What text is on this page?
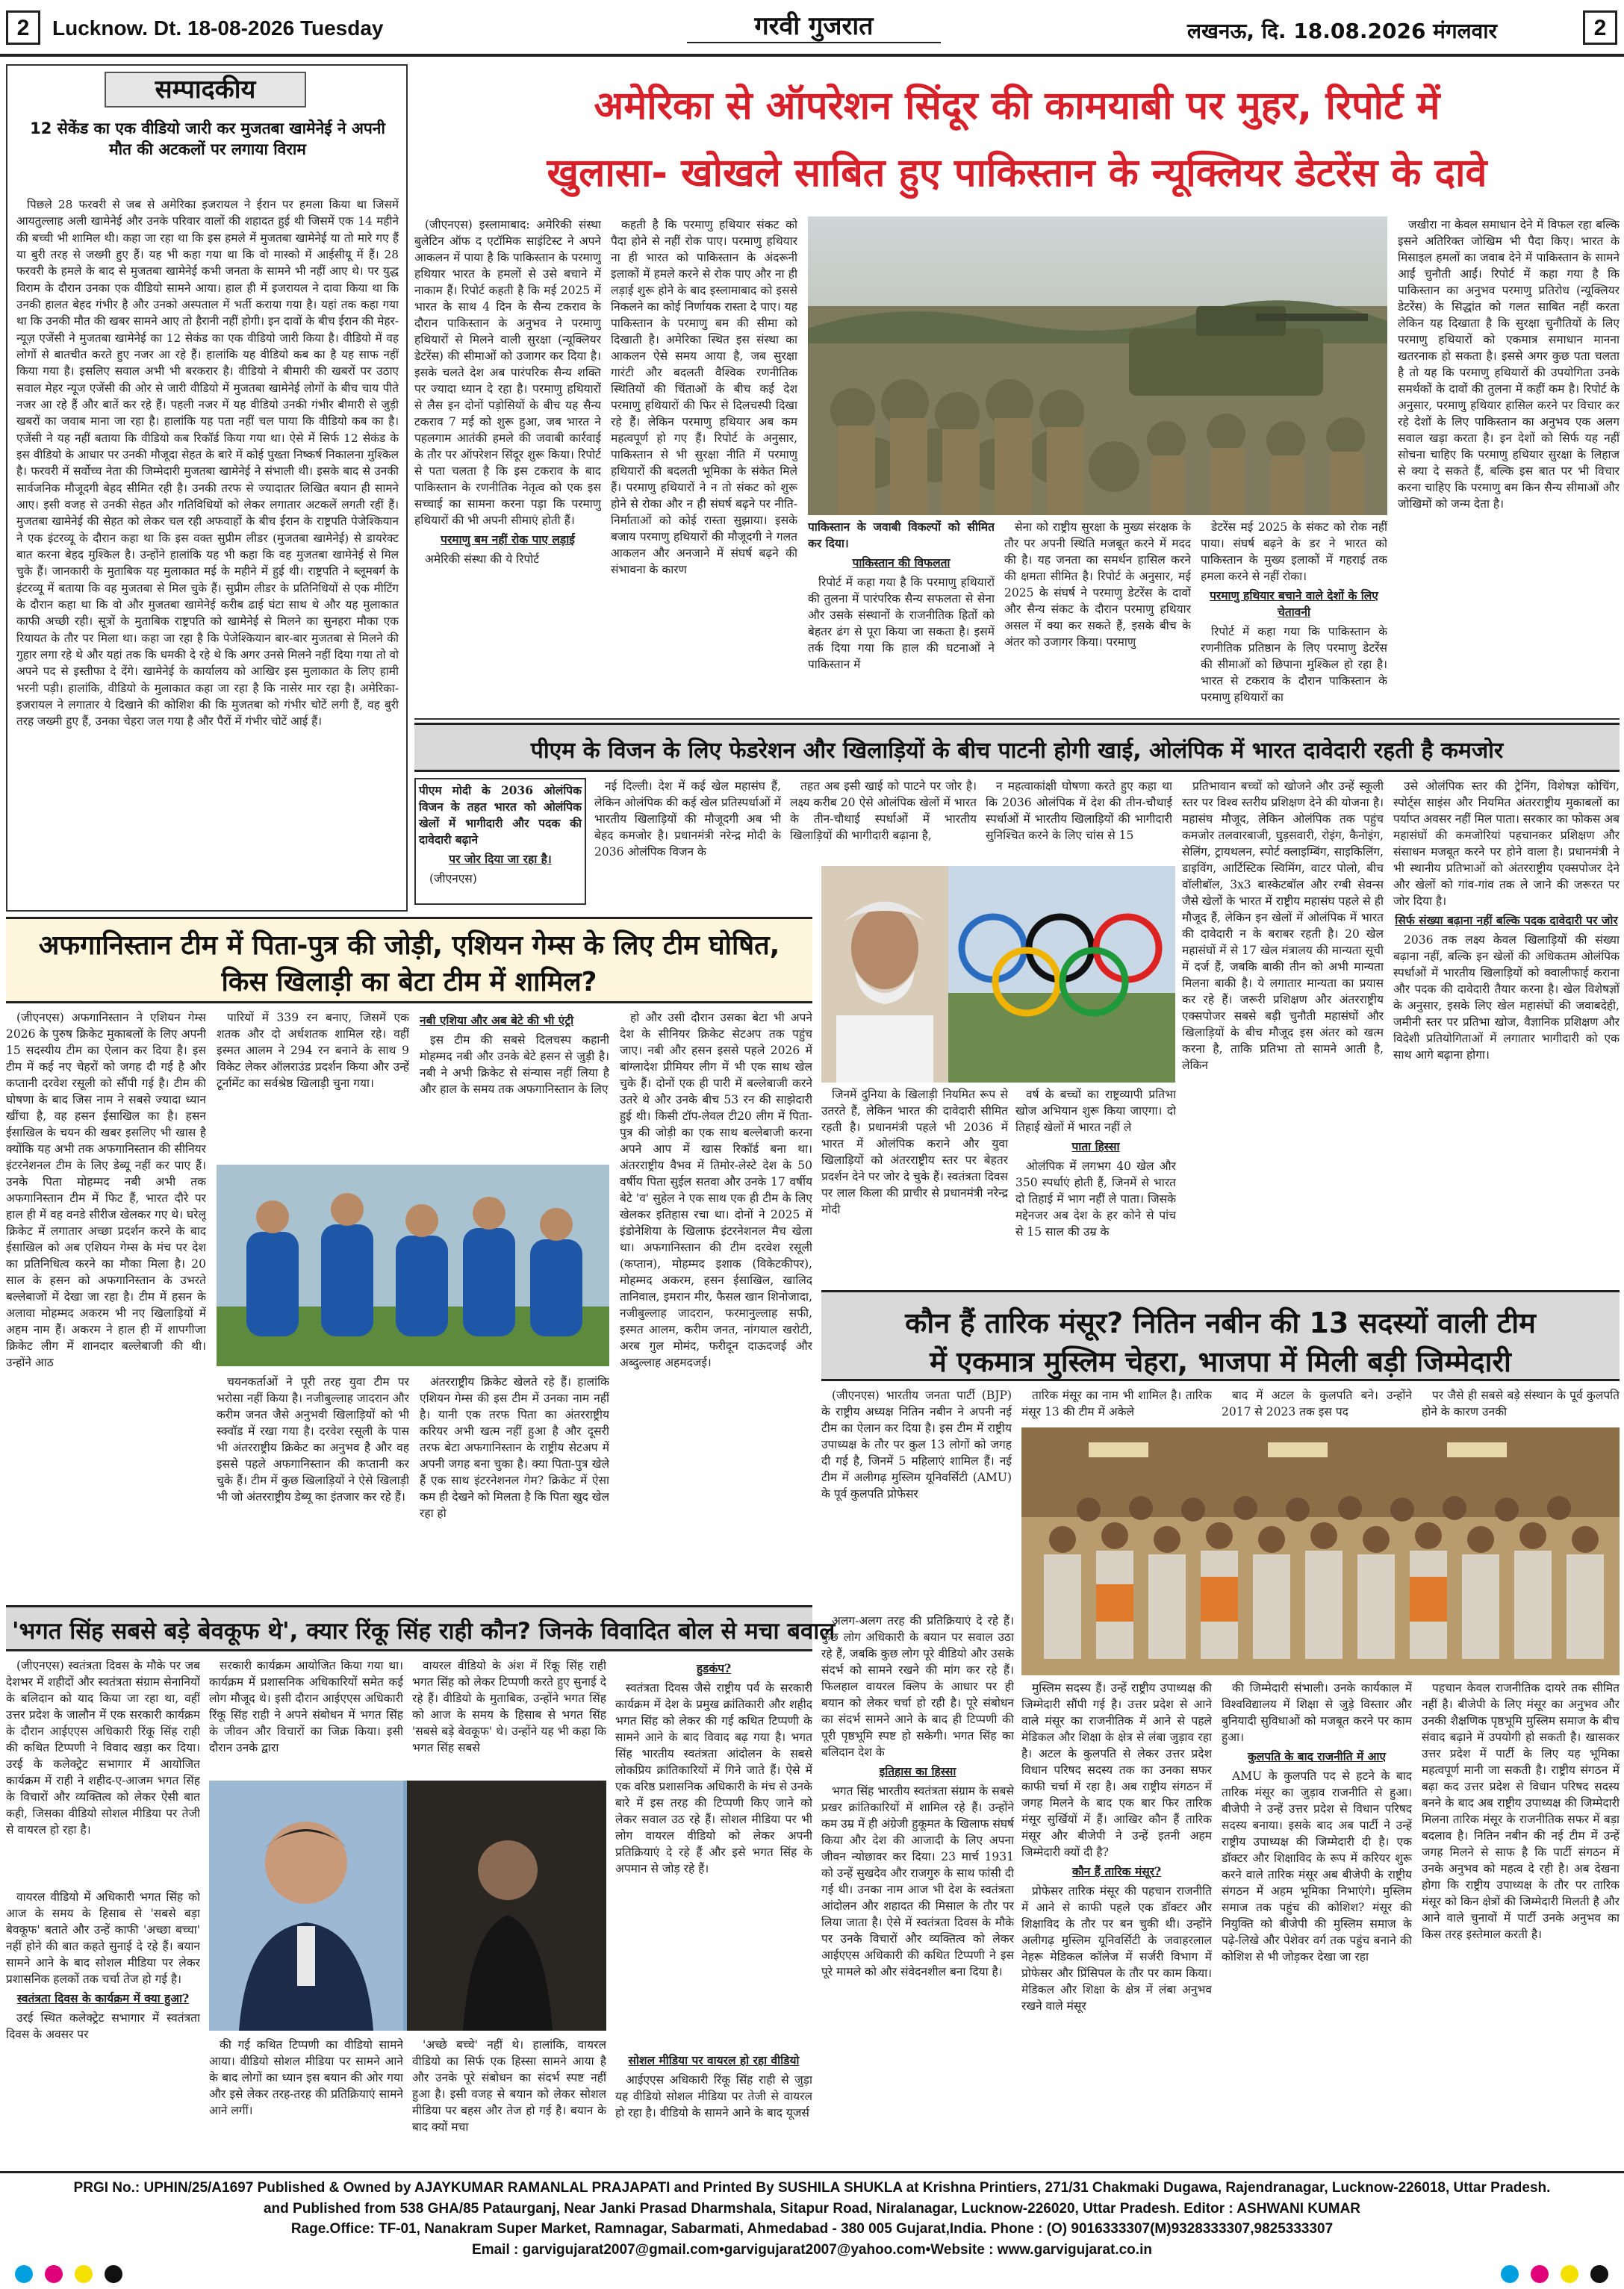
2	Lucknow. Dt. 18-08-2026 Tuesday	गरवी गुजरात	लखनऊ, दि. 18.08.2026 मंगलवार	2
सम्पादकीय
12 सेकेंड का एक वीडियो जारी कर मुजतबा खामेनेई ने अपनी मौत की अटकलों पर लगाया विराम

पिछले 28 फरवरी से जब से अमेरिका इजरायल ने ईरान पर हमला किया था जिसमें आयतुल्लाह अली खामेनेई और उनके परिवार वालों की शहादत हुई थी जिसमें एक 14 महीने की बच्ची भी शामिल थी। कहा जा रहा था कि इस हमले में मुजतबा खामेनेई या तो मारे गए हैं या बुरी तरह से जख्मी हुए हैं। यह भी कहा गया था कि वो मास्को में आईसीयू में हैं। 28 फरवरी के हमले के बाद से मुजतबा खामेनेई कभी जनता के सामने भी नहीं आए थे। पर युद्ध विराम के दौरान उनका एक वीडियो सामने आया। हाल ही में इजरायल ने दावा किया था कि उनकी हालत बेहद गंभीर है और उनको अस्पताल में भर्ती कराया गया है। यहां तक कहा गया था कि उनकी मौत की खबर सामने आए तो हैरानी नहीं होगी। इन दावों के बीच ईरान की मेहर-न्यूज़ एजेंसी ने मुजतबा खामेनेई का 12 सेकंड का एक वीडियो जारी किया है। वीडियो में वह लोगों से बातचीत करते हुए नजर आ रहे हैं। हालांकि यह वीडियो कब का है यह साफ नहीं किया गया है। इसलिए सवाल अभी भी बरकरार है। वीडियो ने बीमारी की खबरों पर उठाए सवाल मेहर न्यूज एजेंसी की ओर से जारी वीडियो में मुजतबा खामेनेई लोगों के बीच चाय पीते नजर आ रहे हैं और बातें कर रहे हैं। पहली नजर में यह वीडियो उनकी गंभीर बीमारी से जुड़ी खबरों का जवाब माना जा रहा है। हालांकि यह पता नहीं चल पाया कि वीडियो कब का है। एजेंसी ने यह नहीं बताया कि वीडियो कब रिकॉर्ड किया गया था। ऐसे में सिर्फ 12 सेकंड के इस वीडियो के आधार पर उनकी मौजूदा सेहत के बारे में कोई पुख्ता निष्कर्ष निकालना मुश्किल है। फरवरी में सर्वोच्च नेता की जिम्मेदारी मुजतबा खामेनेई ने संभाली थी। इसके बाद से उनकी सार्वजनिक मौजूदगी बेहद सीमित रही है। उनकी तरफ से ज्यादातर लिखित बयान ही सामने आए। इसी वजह से उनकी सेहत और गतिविधियों को लेकर लगातार अटकलें लगती रहीं हैं। मुजतबा खामेनेई की सेहत को लेकर चल रही अफवाहों के बीच ईरान के राष्ट्रपति पेजेश्कियान ने एक इंटरव्यू के दौरान कहा था कि इस वक्त सुप्रीम लीडर (मुजतबा खामेनेई) से डायरेक्ट बात करना बेहद मुश्किल है। उन्होंने हालांकि यह भी कहा कि वह मुजतबा खामेनेई से मिल चुके हैं। जानकारी के मुताबिक यह मुलाकात मई के महीने में हुई थी। राष्ट्रपति ने ब्लूमबर्ग के इंटरव्यू में बताया कि वह मुजतबा से मिल चुके हैं। सुप्रीम लीडर के प्रतिनिधियों से एक मीटिंग के दौरान कहा था कि वो और मुजतबा खामेनेई करीब ढाई घंटा साथ थे और यह मुलाकात काफी अच्छी रही। सूत्रों के मुताबिक राष्ट्रपति को खामेनेई से मिलने का सुनहरा मौका एक रियायत के तौर पर मिला था। कहा जा रहा है कि पेजेश्कियान बार-बार मुजतबा से मिलने की गुहार लगा रहे थे और यहां तक कि धमकी दे रहे थे कि अगर उनसे मिलने नहीं दिया गया तो वो अपने पद से इस्तीफा दे देंगे। खामेनेई के कार्यालय को आखिर इस मुलाकात के लिए हामी भरनी पड़ी। हालांकि, वीडियो के मुलाकात कहा जा रहा है कि नासेर मार रहा है। अमेरिका-इजरायल ने लगातार ये दिखाने की कोशिश की कि मुजतबा को गंभीर चोटें लगी हैं, वह बुरी तरह जख्मी हुए हैं, उनका चेहरा जल गया है और पैरों में गंभीर चोटें आई हैं।

अमेरिका से ऑपरेशन सिंदूर की कामयाबी पर मुहर, रिपोर्ट में
खुलासा- खोखले साबित हुए पाकिस्तान के न्यूक्लियर डेटरेंस के दावे

(जीएनएस) इस्लामाबाद: अमेरिकी संस्था बुलेटिन ऑफ द एटॉमिक साइंटिस्ट ने अपने आकलन में पाया है कि पाकिस्तान के परमाणु हथियार भारत के हमलों से उसे बचाने में नाकाम हैं। रिपोर्ट कहती है कि मई 2025 में भारत के साथ 4 दिन के सैन्य टकराव के दौरान पाकिस्तान के अनुभव ने परमाणु हथियारों से मिलने वाली सुरक्षा (न्यूक्लियर डेटरेंस) की सीमाओं को उजागर कर दिया है। इसके चलते देश अब पारंपरिक सैन्य शक्ति पर ज्यादा ध्यान दे रहा है। परमाणु हथियारों से लैस इन दोनों पड़ोसियों के बीच यह सैन्य टकराव 7 मई को शुरू हुआ, जब भारत ने पहलगाम आतंकी हमले की जवाबी कार्रवाई के तौर पर ऑपरेशन सिंदूर शुरू किया। रिपोर्ट से पता चलता है कि इस टकराव के बाद पाकिस्तान के रणनीतिक नेतृत्व को एक इस सच्चाई का सामना करना पड़ा कि परमाणु हथियारों की भी अपनी सीमाएं होती हैं।

परमाणु बम नहीं रोक पाए लड़ाई

अमेरिकी संस्था की ये रिपोर्ट

कहती है कि परमाणु हथियार संकट को पैदा होने से नहीं रोक पाए। परमाणु हथियार ना ही भारत को पाकिस्तान के अंदरूनी इलाकों में हमले करने से रोक पाए और ना ही लड़ाई शुरू होने के बाद इस्लामाबाद को इससे निकलने का कोई निर्णायक रास्ता दे पाए। यह पाकिस्तान के परमाणु बम की सीमा को दिखाती है। अमेरिका स्थित इस संस्था का आकलन ऐसे समय आया है, जब सुरक्षा गारंटी और बदलती वैश्विक रणनीतिक स्थितियों की चिंताओं के बीच कई देश परमाणु हथियारों की फिर से दिलचस्पी दिखा रहे हैं। लेकिन परमाणु हथियार अब कम महत्वपूर्ण हो गए हैं। रिपोर्ट के अनुसार, पाकिस्तान से भी सुरक्षा नीति में परमाणु हथियारों की बदलती भूमिका के संकेत मिले हैं। परमाणु हथियारों ने न तो संकट को शुरू होने से रोका और न ही संघर्ष बढ़ने पर नीति-निर्माताओं को कोई रास्ता सुझाया। इसके बजाय परमाणु हथियारों की मौजूदगी ने गलत आकलन और अनजाने में संघर्ष बढ़ने की संभावना के कारण

पाकिस्तान के जवाबी विकल्पों को सीमित कर दिया।

पाकिस्तान की विफलता

रिपोर्ट में कहा गया है कि परमाणु हथियारों की तुलना में पारंपरिक सैन्य सफलता से सेना और उसके संस्थानों के राजनीतिक हितों को बेहतर ढंग से पूरा किया जा सकता है। इसमें तर्क दिया गया कि हाल की घटनाओं ने पाकिस्तान में

सेना को राष्ट्रीय सुरक्षा के मुख्य संरक्षक के तौर पर अपनी स्थिति मजबूत करने में मदद की है। यह जनता का समर्थन हासिल करने की क्षमता सीमित है। रिपोर्ट के अनुसार, मई 2025 के संघर्ष ने परमाणु डेटरेंस के दावों और सैन्य संकट के दौरान परमाणु हथियार असल में क्या कर सकते हैं, इसके बीच के अंतर को उजागर किया। परमाणु

डेटरेंस मई 2025 के संकट को रोक नहीं पाया। संघर्ष बढ़ने के डर ने भारत को पाकिस्तान के मुख्य इलाकों में गहराई तक हमला करने से नहीं रोका।

परमाणु हथियार बचाने वाले देशों के लिए चेतावनी

रिपोर्ट में कहा गया कि पाकिस्तान के रणनीतिक प्रतिष्ठान के लिए परमाणु डेटरेंस की सीमाओं को छिपाना मुश्किल हो रहा है। भारत से टकराव के दौरान पाकिस्तान के परमाणु हथियारों का

जखीरा ना केवल समाधान देने में विफल रहा बल्कि इसने अतिरिक्त जोखिम भी पैदा किए। भारत के मिसाइल हमलों का जवाब देने में पाकिस्तान के सामने आईं चुनौती आईं। रिपोर्ट में कहा गया है कि पाकिस्तान का अनुभव परमाणु प्रतिरोध (न्यूक्लियर डेटरेंस) के सिद्धांत को गलत साबित नहीं करता लेकिन यह दिखाता है कि सुरक्षा चुनौतियों के लिए परमाणु हथियारों को एकमात्र समाधान मानना खतरनाक हो सकता है। इससे अगर कुछ पता चलता है तो यह कि परमाणु हथियारों की उपयोगिता उनके समर्थकों के दावों की तुलना में कहीं कम है। रिपोर्ट के अनुसार, परमाणु हथियार हासिल करने पर विचार कर रहे देशों के लिए पाकिस्तान का अनुभव एक अलग सवाल खड़ा करता है। इन देशों को सिर्फ यह नहीं सोचना चाहिए कि परमाणु हथियार सुरक्षा के लिहाज से क्या दे सकते हैं, बल्कि इस बात पर भी विचार करना चाहिए कि परमाणु बम किन सैन्य सीमाओं और जोखिमों को जन्म देता है।

पीएम के विजन के लिए फेडरेशन और खिलाड़ियों के बीच पाटनी होगी खाई, ओलंपिक में भारत दावेदारी रहती है कमजोर

पीएम मोदी के 2036 ओलंपिक विजन के तहत भारत को ओलंपिक खेलों में भागीदारी और पदक की दावेदारी बढ़ाने

पर जोर दिया जा रहा है।

(जीएनएस)

नई दिल्ली। देश में कई खेल महासंघ हैं, लेकिन ओलंपिक की कई खेल प्रतिस्पर्धाओं में भारतीय खिलाड़ियों की मौजूदगी अब भी बेहद कमजोर है। प्रधानमंत्री नरेन्द्र मोदी के 2036 ओलंपिक विजन के

तहत अब इसी खाई को पाटने पर जोर है। लक्ष्य करीब 20 ऐसे ओलंपिक खेलों में भारत के तीन-चौथाई स्पर्धाओं में भारतीय खिलाड़ियों की भागीदारी बढ़ाना है,

न महत्वाकांक्षी घोषणा करते हुए कहा था कि 2036 ओलंपिक में देश की तीन-चौथाई स्पर्धाओं में भारतीय खिलाड़ियों की भागीदारी सुनिश्चित करने के लिए चांस से 15

प्रतिभावान बच्चों को खोजने और उन्हें स्कूली स्तर पर विश्व स्तरीय प्रशिक्षण देने की योजना है। महासंघ मौजूद, लेकिन ओलंपिक तक पहुंच कमजोर तलवारबाजी, घुड़सवारी, रोइंग, कैनोइंग, सेलिंग, ट्रायथलन, स्पोर्ट क्लाइम्बिंग, साइकिलिंग, डाइविंग, आर्टिस्टिक स्विमिंग, वाटर पोलो, बीच वॉलीबॉल, 3x3 बास्केटबॉल और रग्बी सेवन्स जैसे खेलों के भारत में राष्ट्रीय महासंघ पहले से ही मौजूद हैं, लेकिन इन खेलों में ओलंपिक में भारत की दावेदारी न के बराबर रहती है। 20 खेल महासंघों में से 17 खेल मंत्रालय की मान्यता सूची में दर्ज हैं, जबकि बाकी तीन को अभी मान्यता मिलना बाकी है। ये लगातार मान्यता का प्रयास कर रहे हैं। जरूरी प्रशिक्षण और अंतरराष्ट्रीय एक्सपोजर सबसे बड़ी चुनौती महासंघों और खिलाड़ियों के बीच मौजूद इस अंतर को खत्म करना है, ताकि प्रतिभा तो सामने आती है, लेकिन

उसे ओलंपिक स्तर की ट्रेनिंग, विशेषज्ञ कोचिंग, स्पोर्ट्स साइंस और नियमित अंतरराष्ट्रीय मुकाबलों का पर्याप्त अवसर नहीं मिल पाता। सरकार का फोकस अब महासंघों की कमजोरियां पहचानकर प्रशिक्षण और संसाधन मजबूत करने पर होने वाला है। प्रधानमंत्री ने भी स्थानीय प्रतिभाओं को अंतरराष्ट्रीय एक्सपोजर देने और खेलों को गांव-गांव तक ले जाने की जरूरत पर जोर दिया है।

सिर्फ संख्या बढ़ाना नहीं बल्कि पदक दावेदारी पर जोर

2036 तक लक्ष्य केवल खिलाड़ियों की संख्या बढ़ाना नहीं, बल्कि इन खेलों की अधिकतम ओलंपिक स्पर्धाओं में भारतीय खिलाड़ियों को क्वालीफाई कराना और पदक की दावेदारी तैयार करना है। खेल विशेषज्ञों के अनुसार, इसके लिए खेल महासंघों की जवाबदेही, जमीनी स्तर पर प्रतिभा खोज, वैज्ञानिक प्रशिक्षण और विदेशी प्रतियोगिताओं में लगातार भागीदारी को एक साथ आगे बढ़ाना होगा।

जिनमें दुनिया के खिलाड़ी नियमित रूप से उतरते हैं, लेकिन भारत की दावेदारी सीमित रहती है। प्रधानमंत्री पहले भी 2036 में भारत में ओलंपिक कराने और युवा खिलाड़ियों को अंतरराष्ट्रीय स्तर पर बेहतर प्रदर्शन देने पर जोर दे चुके हैं। स्वतंत्रता दिवस पर लाल किला की प्राचीर से प्रधानमंत्री नरेन्द्र मोदी

वर्ष के बच्चों का राष्ट्रव्यापी प्रतिभा खोज अभियान शुरू किया जाएगा। दो तिहाई खेलों में भारत नहीं ले

पाता हिस्सा

ओलंपिक में लगभग 40 खेल और 350 स्पर्धाएं होती हैं, जिनमें से भारत दो तिहाई में भाग नहीं ले पाता। जिसके मद्देनजर अब देश के हर कोने से पांच से 15 साल की उम्र के

अफगानिस्तान टीम में पिता-पुत्र की जोड़ी, एशियन गेम्स के लिए टीम घोषित, किस खिलाड़ी का बेटा टीम में शामिल?

(जीएनएस) अफगानिस्तान ने एशियन गेम्स 2026 के पुरुष क्रिकेट मुकाबलों के लिए अपनी 15 सदस्यीय टीम का ऐलान कर दिया है। इस टीम में कई नए चेहरों को जगह दी गई है और कप्तानी दरवेश रसूली को सौंपी गई है। टीम की घोषणा के बाद जिस नाम ने सबसे ज्यादा ध्यान खींचा है, वह हसन ईसाखिल का है। हसन ईसाखिल के चयन की खबर इसलिए भी खास है क्योंकि यह अभी तक अफगानिस्तान की सीनियर इंटरनेशनल टीम के लिए डेब्यू नहीं कर पाए हैं। उनके पिता मोहम्मद नबी अभी तक अफगानिस्तान टीम में फिट हैं, भारत दौरे पर हाल ही में वह वनडे सीरीज खेलकर गए थे। घरेलू क्रिकेट में लगातार अच्छा प्रदर्शन करने के बाद ईसाखिल को अब एशियन गेम्स के मंच पर देश का प्रतिनिधित्व करने का मौका मिला है। 20 साल के हसन को अफगानिस्तान के उभरते बल्लेबाजों में देखा जा रहा है। टीम में हसन के अलावा मोहम्मद अकरम भी नए खिलाड़ियों में अहम नाम हैं। अकरम ने हाल ही में शापगीजा क्रिकेट लीग में शानदार बल्लेबाजी की थी। उन्होंने आठ

पारियों में 339 रन बनाए, जिसमें एक शतक और दो अर्धशतक शामिल रहे। वहीं इस्मत आलम ने 294 रन बनाने के साथ 9 विकेट लेकर ऑलराउंड प्रदर्शन किया और उन्हें टूर्नामेंट का सर्वश्रेष्ठ खिलाड़ी चुना गया।

नबी एशिया और अब बेटे की भी एंट्री

इस टीम की सबसे दिलचस्प कहानी मोहम्मद नबी और उनके बेटे हसन से जुड़ी है। नबी ने अभी क्रिकेट से संन्यास नहीं लिया है और हाल के समय तक अफगानिस्तान के लिए

चयनकर्ताओं ने पूरी तरह युवा टीम पर भरोसा नहीं किया है। नजीबुल्लाह जादरान और करीम जनत जैसे अनुभवी खिलाड़ियों को भी स्क्वॉड में रखा गया है। दरवेश रसूली के पास भी अंतरराष्ट्रीय क्रिकेट का अनुभव है और वह इससे पहले अफगानिस्तान की कप्तानी कर चुके हैं। टीम में कुछ खिलाड़ियों ने ऐसे खिलाड़ी भी जो अंतरराष्ट्रीय डेब्यू का इंतजार कर रहे हैं।

अंतरराष्ट्रीय क्रिकेट खेलते रहे हैं। हालांकि एशियन गेम्स की इस टीम में उनका नाम नहीं है। यानी एक तरफ पिता का अंतरराष्ट्रीय करियर अभी खत्म नहीं हुआ है और दूसरी तरफ बेटा अफगानिस्तान के राष्ट्रीय सेटअप में अपनी जगह बना चुका है। क्या पिता-पुत्र खेले हैं एक साथ इंटरनेशनल गेम? क्रिकेट में ऐसा कम ही देखने को मिलता है कि पिता खुद खेल रहा हो

हो और उसी दौरान उसका बेटा भी अपने देश के सीनियर क्रिकेट सेटअप तक पहुंच जाए। नबी और हसन इससे पहले 2026 में बांग्लादेश प्रीमियर लीग में भी एक साथ खेल चुके हैं। दोनों एक ही पारी में बल्लेबाजी करने उतरे थे और उनके बीच 53 रन की साझेदारी हुई थी। किसी टॉप-लेवल टी20 लीग में पिता-पुत्र की जोड़ी का एक साथ बल्लेबाजी करना अपने आप में खास रिकॉर्ड बना था। अंतरराष्ट्रीय वैभव में तिमोर-लेस्टे देश के 50 वर्षीय पिता सुईल सतवा और उनके 17 वर्षीय बेटे 'व' सुहेल ने एक साथ एक ही टीम के लिए खेलकर इतिहास रचा था। दोनों ने 2025 में इंडोनेशिया के खिलाफ इंटरनेशनल मैच खेला था। अफगानिस्तान की टीम दरवेश रसूली (कप्तान), मोहम्मद इशाक (विकेटकीपर), मोहम्मद अकरम, हसन ईसाखिल, खालिद तानिवाल, इमरान मीर, फैसल खान शिनोजादा, नजीबुल्लाह जादरान, फरमानुल्लाह सफी, इस्मत आलम, करीम जनत, नांगयाल खरोटी, अरब गुल मोमंद, फरीदून दाऊदजई और अब्दुल्लाह अहमदजई।

कौन हैं तारिक मंसूर? नितिन नबीन की 13 सदस्यों वाली टीम
में एकमात्र मुस्लिम चेहरा, भाजपा में मिली बड़ी जिम्मेदारी

(जीएनएस) भारतीय जनता पार्टी (BJP) के राष्ट्रीय अध्यक्ष नितिन नबीन ने अपनी नई टीम का ऐलान कर दिया है। इस टीम में राष्ट्रीय उपाध्यक्ष के तौर पर कुल 13 लोगों को जगह दी गई है, जिनमें 5 महिलाएं शामिल हैं। नई टीम में अलीगढ़ मुस्लिम यूनिवर्सिटी (AMU) के पूर्व कुलपति प्रोफेसर

तारिक मंसूर का नाम भी शामिल है। तारिक मंसूर 13 की टीम में अकेले

बाद में अटल के कुलपति बने। उन्होंने 2017 से 2023 तक इस पद

पर जैसे ही सबसे बड़े संस्थान के पूर्व कुलपति होने के कारण उनकी

मुस्लिम सदस्य हैं। उन्हें राष्ट्रीय उपाध्यक्ष की जिम्मेदारी सौंपी गई है। उत्तर प्रदेश से आने वाले मंसूर का राजनीतिक में आने से पहले मेडिकल और शिक्षा के क्षेत्र से लंबा जुड़ाव रहा है। अटल के कुलपति से लेकर उत्तर प्रदेश विधान परिषद सदस्य तक का उनका सफर काफी चर्चा में रहा है। अब राष्ट्रीय संगठन में जगह मिलने के बाद एक बार फिर तारिक मंसूर सुर्खियों में हैं। आखिर कौन हैं तारिक मंसूर और बीजेपी ने उन्हें इतनी अहम जिम्मेदारी क्यों दी है?

कौन हैं तारिक मंसूर?

प्रोफेसर तारिक मंसूर की पहचान राजनीति में आने से काफी पहले एक डॉक्टर और शिक्षाविद के तौर पर बन चुकी थी। उन्होंने अलीगढ़ मुस्लिम यूनिवर्सिटी के जवाहरलाल नेहरू मेडिकल कॉलेज में सर्जरी विभाग में प्रोफेसर और प्रिंसिपल के तौर पर काम किया। मेडिकल और शिक्षा के क्षेत्र में लंबा अनुभव रखने वाले मंसूर

की जिम्मेदारी संभाली। उनके कार्यकाल में विश्वविद्यालय में शिक्षा से जुड़े विस्तार और बुनियादी सुविधाओं को मजबूत करने पर काम हुआ।

कुलपति के बाद राजनीति में आए

AMU के कुलपति पद से हटने के बाद तारिक मंसूर का जुड़ाव राजनीति से हुआ। बीजेपी ने उन्हें उत्तर प्रदेश से विधान परिषद सदस्य बनाया। इसके बाद अब पार्टी ने उन्हें राष्ट्रीय उपाध्यक्ष की जिम्मेदारी दी है। एक डॉक्टर और शिक्षाविद के रूप में करियर शुरू करने वाले तारिक मंसूर अब बीजेपी के राष्ट्रीय संगठन में अहम भूमिका निभाएंगे। मुस्लिम समाज तक पहुंच की कोशिश? मंसूर की नियुक्ति को बीजेपी की मुस्लिम समाज के पढ़े-लिखे और पेशेवर वर्ग तक पहुंच बनाने की कोशिश से भी जोड़कर देखा जा रहा

पहचान केवल राजनीतिक दायरे तक सीमित नहीं है। बीजेपी के लिए मंसूर का अनुभव और उनकी शैक्षणिक पृष्ठभूमि मुस्लिम समाज के बीच संवाद बढ़ाने में उपयोगी हो सकती है। खासकर उत्तर प्रदेश में पार्टी के लिए यह भूमिका महत्वपूर्ण मानी जा सकती है। राष्ट्रीय संगठन में बढ़ा कद उत्तर प्रदेश से विधान परिषद सदस्य बनने के बाद अब राष्ट्रीय उपाध्यक्ष की जिम्मेदारी मिलना तारिक मंसूर के राजनीतिक सफर में बड़ा बदलाव है। नितिन नबीन की नई टीम में उन्हें जगह मिलने से साफ है कि पार्टी संगठन में उनके अनुभव को महत्व दे रही है। अब देखना होगा कि राष्ट्रीय उपाध्यक्ष के तौर पर तारिक मंसूर को किन क्षेत्रों की जिम्मेदारी मिलती है और आने वाले चुनावों में पार्टी उनके अनुभव का किस तरह इस्तेमाल करती है।

'भगत सिंह सबसे बड़े बेवकूफ थे', क्यार रिंकू सिंह राही कौन? जिनके विवादित बोल से मचा बवाल

(जीएनएस) स्वतंत्रता दिवस के मौके पर जब देशभर में शहीदों और स्वतंत्रता संग्राम सेनानियों के बलिदान को याद किया जा रहा था, वहीं उत्तर प्रदेश के जालौन में एक सरकारी कार्यक्रम के दौरान आईएएस अधिकारी रिंकू सिंह राही की कथित टिप्पणी ने विवाद खड़ा कर दिया। उरई के कलेक्ट्रेट सभागार में आयोजित कार्यक्रम में राही ने शहीद-ए-आजम भगत सिंह के विचारों और व्यक्तित्व को लेकर ऐसी बात कही, जिसका वीडियो सोशल मीडिया पर तेजी से वायरल हो रहा है।

सरकारी कार्यक्रम आयोजित किया गया था। कार्यक्रम में प्रशासनिक अधिकारियों समेत कई लोग मौजूद थे। इसी दौरान आईएएस अधिकारी रिंकू सिंह राही ने अपने संबोधन में भगत सिंह के जीवन और विचारों का जिक्र किया। इसी दौरान उनके द्वारा

वायरल वीडियो के अंश में रिंकू सिंह राही भगत सिंह को लेकर टिप्पणी करते हुए सुनाई दे रहे हैं। वीडियो के मुताबिक, उन्होंने भगत सिंह को आज के समय के हिसाब से भगत सिंह 'सबसे बड़े बेवकूफ' थे। उन्होंने यह भी कहा कि भगत सिंह सबसे

हुडकंप?

स्वतंत्रता दिवस जैसे राष्ट्रीय पर्व के सरकारी कार्यक्रम में देश के प्रमुख क्रांतिकारी और शहीद भगत सिंह को लेकर की गई कथित टिप्पणी के सामने आने के बाद विवाद बढ़ गया है। भगत सिंह भारतीय स्वतंत्रता आंदोलन के सबसे लोकप्रिय क्रांतिकारियों में गिने जाते हैं। ऐसे में एक वरिष्ठ प्रशासनिक अधिकारी के मंच से उनके बारे में इस तरह की टिप्पणी किए जाने को लेकर सवाल उठ रहे हैं। सोशल मीडिया पर भी लोग वायरल वीडियो को लेकर अपनी प्रतिक्रियाएं दे रहे हैं और इसे भगत सिंह के अपमान से जोड़ रहे हैं।

अलग-अलग तरह की प्रतिक्रियाएं दे रहे हैं। कुछ लोग अधिकारी के बयान पर सवाल उठा रहे हैं, जबकि कुछ लोग पूरे वीडियो और उसके संदर्भ को सामने रखने की मांग कर रहे हैं। फिलहाल वायरल क्लिप के आधार पर ही बयान को लेकर चर्चा हो रही है। पूरे संबोधन का संदर्भ सामने आने के बाद ही टिप्पणी की पूरी पृष्ठभूमि स्पष्ट हो सकेगी। भगत सिंह का बलिदान देश के

इतिहास का हिस्सा

भगत सिंह भारतीय स्वतंत्रता संग्राम के सबसे प्रखर क्रांतिकारियों में शामिल रहे हैं। उन्होंने कम उम्र में ही अंग्रेजी हुकूमत के खिलाफ संघर्ष किया और देश की आजादी के लिए अपना जीवन न्योछावर कर दिया। 23 मार्च 1931 को उन्हें सुखदेव और राजगुरु के साथ फांसी दी गई थी। उनका नाम आज भी देश के स्वतंत्रता आंदोलन और शहादत की मिसाल के तौर पर लिया जाता है। ऐसे में स्वतंत्रता दिवस के मौके पर उनके विचारों और व्यक्तित्व को लेकर आईएएस अधिकारी की कथित टिप्पणी ने इस पूरे मामले को और संवेदनशील बना दिया है।

वायरल वीडियो में अधिकारी भगत सिंह को आज के समय के हिसाब से 'सबसे बड़ा बेवकूफ' बताते और उन्हें काफी 'अच्छा बच्चा' नहीं होने की बात कहते सुनाई दे रहे हैं। बयान सामने आने के बाद सोशल मीडिया पर लेकर प्रशासनिक हलकों तक चर्चा तेज हो गई है।

स्वतंत्रता दिवस के कार्यक्रम में क्या हुआ?

उरई स्थित कलेक्ट्रेट सभागार में स्वतंत्रता दिवस के अवसर पर

की गई कथित टिप्पणी का वीडियो सामने आया। वीडियो सोशल मीडिया पर सामने आने के बाद लोगों का ध्यान इस बयान की ओर गया और इसे लेकर तरह-तरह की प्रतिक्रियाएं सामने आने लगीं।

'अच्छे बच्चे' नहीं थे। हालांकि, वायरल वीडियो का सिर्फ एक हिस्सा सामने आया है और उनके पूरे संबोधन का संदर्भ स्पष्ट नहीं हुआ है। इसी वजह से बयान को लेकर सोशल मीडिया पर बहस और तेज हो गई है। बयान के बाद क्यों मचा

सोशल मीडिया पर वायरल हो रहा वीडियो

आईएएस अधिकारी रिंकू सिंह राही से जुड़ा यह वीडियो सोशल मीडिया पर तेजी से वायरल हो रहा है। वीडियो के सामने आने के बाद यूजर्स

PRGI No.: UPHIN/25/A1697 Published & Owned by AJAYKUMAR RAMANLAL PRAJAPATI and Printed By SUSHILA SHUKLA at Krishna Printiers, 271/31 Chakmaki Dugawa, Rajendranagar, Lucknow-226018, Uttar Pradesh.
and Published from 538 GHA/85 Pataurganj, Near Janki Prasad Dharmshala, Sitapur Road, Niralanagar, Lucknow-226020, Uttar Pradesh. Editor : ASHWANI KUMAR
Rage.Office: TF-01, Nanakram Super Market, Ramnagar, Sabarmati, Ahmedabad - 380 005 Gujarat,India. Phone : (O) 9016333307(M)9328333307,9825333307
Email : garvigujarat2007@gmail.com•garvigujarat2007@yahoo.com•Website : www.garvigujarat.co.in
